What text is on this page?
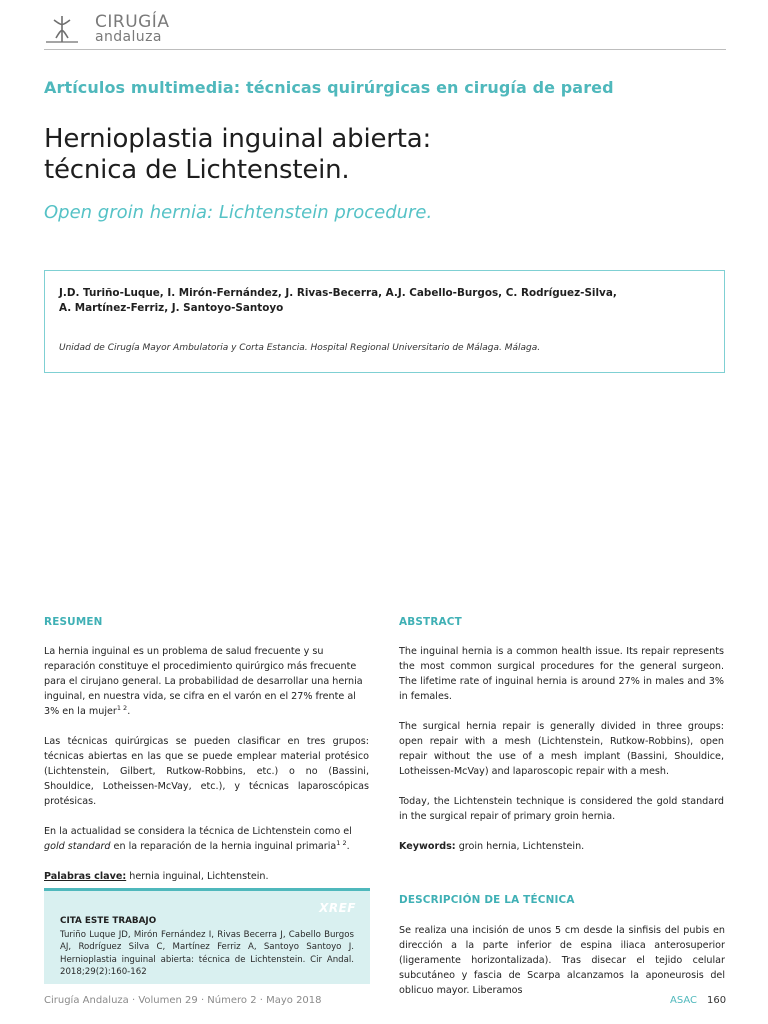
CIRUGÍA
andaluza
Artículos multimedia: técnicas quirúrgicas en cirugía de pared
Hernioplastia inguinal abierta:
técnica de Lichtenstein.
Open groin hernia: Lichtenstein procedure.
J.D. Turiño-Luque, I. Mirón-Fernández, J. Rivas-Becerra, A.J. Cabello-Burgos, C. Rodríguez-Silva,
A. Martínez-Ferriz, J. Santoyo-Santoyo
Unidad de Cirugía Mayor Ambulatoria y Corta Estancia. Hospital Regional Universitario de Málaga. Málaga.
RESUMEN
La hernia inguinal es un problema de salud frecuente y su reparación constituye el procedimiento quirúrgico más frecuente para el cirujano general. La probabilidad de desarrollar una hernia inguinal, en nuestra vida, se cifra en el varón en el 27% frente al 3% en la mujer$^{1 2}$.
Las técnicas quirúrgicas se pueden clasificar en tres grupos: técnicas abiertas en las que se puede emplear material protésico (Lichtenstein, Gilbert, Rutkow-Robbins, etc.) o no (Bassini, Shouldice, Lotheissen-McVay, etc.), y técnicas laparoscópicas protésicas.
En la actualidad se considera la técnica de Lichtenstein como el gold standard en la reparación de la hernia inguinal primaria$^{1 2}$.
Palabras clave: hernia inguinal, Lichtenstein.
ABSTRACT
The inguinal hernia is a common health issue. Its repair represents the most common surgical procedures for the general surgeon. The lifetime rate of inguinal hernia is around 27% in males and 3% in females.
The surgical hernia repair is generally divided in three groups: open repair with a mesh (Lichtenstein, Rutkow-Robbins), open repair without the use of a mesh implant (Bassini, Shouldice, Lotheissen-McVay) and laparoscopic repair with a mesh.
Today, the Lichtenstein technique is considered the gold standard in the surgical repair of primary groin hernia.
Keywords: groin hernia, Lichtenstein.
XREF
CITA ESTE TRABAJO
Turiño Luque JD, Mirón Fernández I, Rivas Becerra J, Cabello Burgos AJ, Rodríguez Silva C, Martínez Ferriz A, Santoyo Santoyo J. Hernioplastia inguinal abierta: técnica de Lichtenstein. Cir Andal. 2018;29(2):160-162
DESCRIPCIÓN DE LA TÉCNICA
Se realiza una incisión de unos 5 cm desde la sinfisis del pubis en dirección a la parte inferior de espina iliaca anterosuperior (ligeramente horizontalizada). Tras disecar el tejido celular subcutáneo y fascia de Scarpa alcanzamos la aponeurosis del oblicuo mayor. Liberamos
Cirugía Andaluza · Volumen 29 · Número 2 · Mayo 2018	ASAC 160
